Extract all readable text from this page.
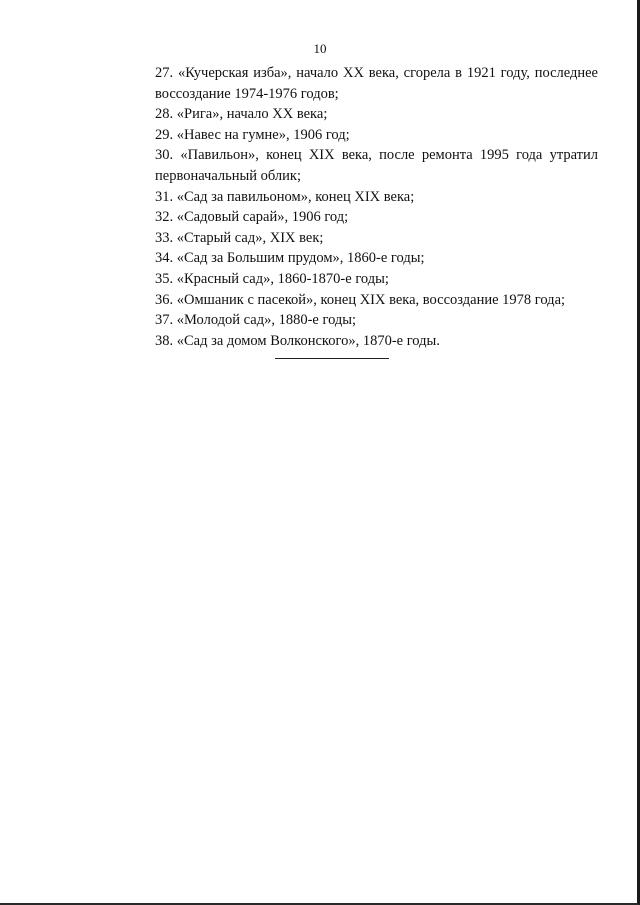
10
27. «Кучерская изба», начало XX века, сгорела в 1921 году, последнее воссоздание 1974-1976 годов;
28. «Рига», начало XX века;
29. «Навес на гумне», 1906 год;
30. «Павильон», конец XIX века, после ремонта 1995 года утратил первоначальный облик;
31. «Сад за павильоном», конец XIX века;
32. «Садовый сарай», 1906 год;
33. «Старый сад», XIX век;
34. «Сад за Большим прудом», 1860-е годы;
35. «Красный сад», 1860-1870-е годы;
36. «Омшаник с пасекой», конец XIX века, воссоздание 1978 года;
37. «Молодой сад», 1880-е годы;
38. «Сад за домом Волконского», 1870-е годы.
